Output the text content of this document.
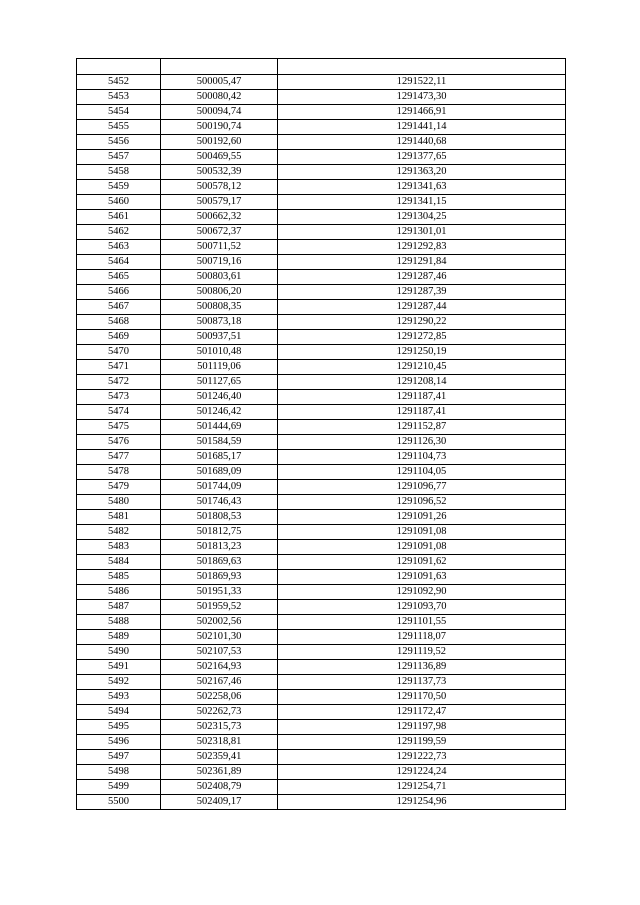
5452	500005,47	1291522,11
5453	500080,42	1291473,30
5454	500094,74	1291466,91
5455	500190,74	1291441,14
5456	500192,60	1291440,68
5457	500469,55	1291377,65
5458	500532,39	1291363,20
5459	500578,12	1291341,63
5460	500579,17	1291341,15
5461	500662,32	1291304,25
5462	500672,37	1291301,01
5463	500711,52	1291292,83
5464	500719,16	1291291,84
5465	500803,61	1291287,46
5466	500806,20	1291287,39
5467	500808,35	1291287,44
5468	500873,18	1291290,22
5469	500937,51	1291272,85
5470	501010,48	1291250,19
5471	501119,06	1291210,45
5472	501127,65	1291208,14
5473	501246,40	1291187,41
5474	501246,42	1291187,41
5475	501444,69	1291152,87
5476	501584,59	1291126,30
5477	501685,17	1291104,73
5478	501689,09	1291104,05
5479	501744,09	1291096,77
5480	501746,43	1291096,52
5481	501808,53	1291091,26
5482	501812,75	1291091,08
5483	501813,23	1291091,08
5484	501869,63	1291091,62
5485	501869,93	1291091,63
5486	501951,33	1291092,90
5487	501959,52	1291093,70
5488	502002,56	1291101,55
5489	502101,30	1291118,07
5490	502107,53	1291119,52
5491	502164,93	1291136,89
5492	502167,46	1291137,73
5493	502258,06	1291170,50
5494	502262,73	1291172,47
5495	502315,73	1291197,98
5496	502318,81	1291199,59
5497	502359,41	1291222,73
5498	502361,89	1291224,24
5499	502408,79	1291254,71
5500	502409,17	1291254,96
